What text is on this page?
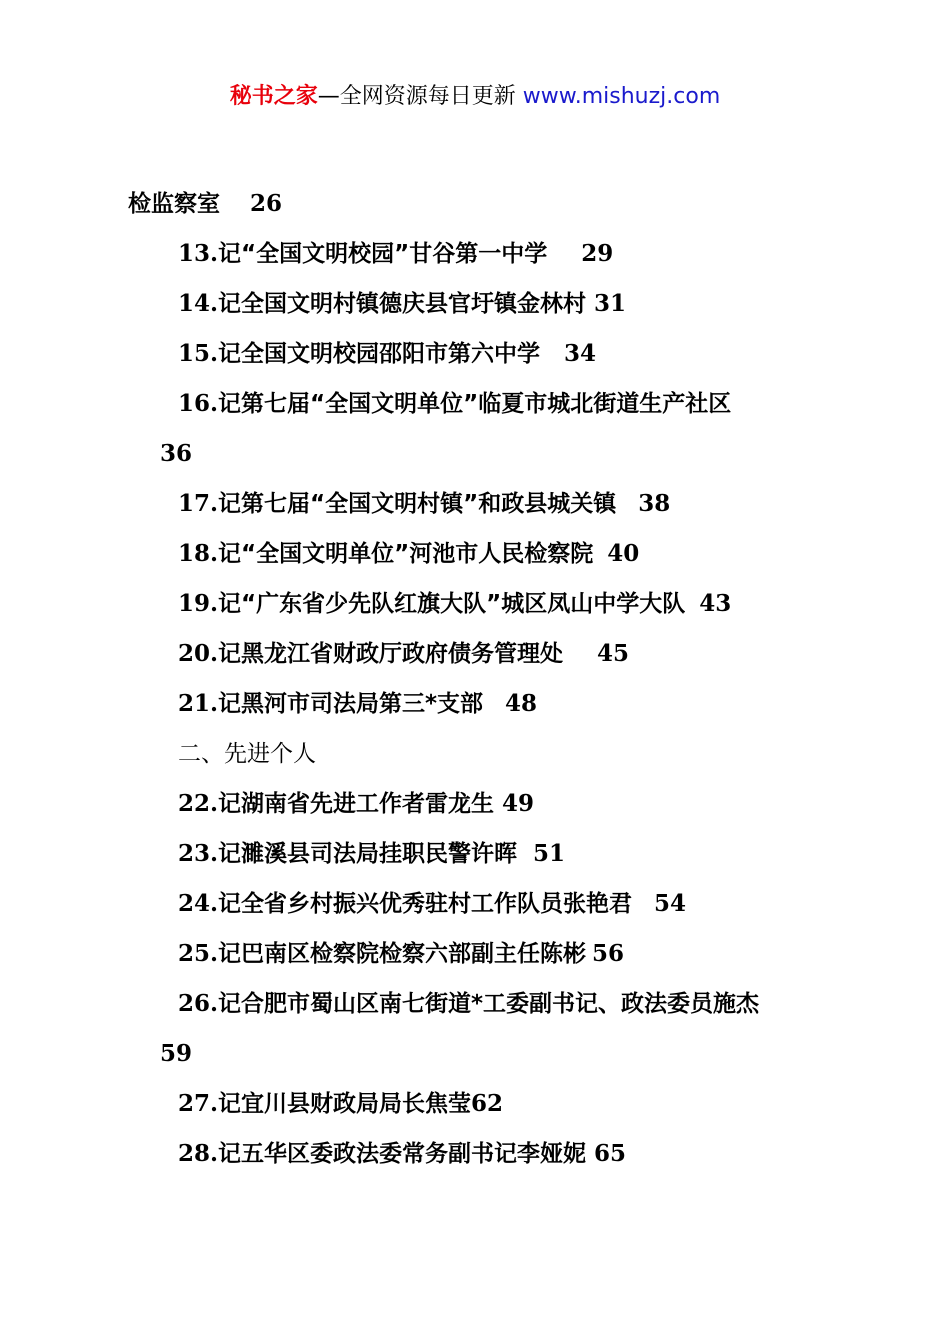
秘书之家—全网资源每日更新 www.mishuzj.com
检监察室 26
13.记“全国文明校园”甘谷第一中学 29
14.记全国文明村镇德庆县官圩镇金林村 31
15.记全国文明校园邵阳市第六中学 34
16.记第七届“全国文明单位”临夏市城北街道生产社区
36
17.记第七届“全国文明村镇”和政县城关镇 38
18.记“全国文明单位”河池市人民检察院 40
19.记“广东省少先队红旗大队”城区凤山中学大队 43
20.记黑龙江省财政厅政府债务管理处 45
21.记黑河市司法局第三*支部 48
二、先进个人
22.记湖南省先进工作者雷龙生 49
23.记濉溪县司法局挂职民警许晖 51
24.记全省乡村振兴优秀驻村工作队员张艳君 54
25.记巴南区检察院检察六部副主任陈彬 56
26.记合肥市蜀山区南七街道*工委副书记、政法委员施杰
59
27.记宜川县财政局局长焦莹62
28.记五华区委政法委常务副书记李娅妮 65
